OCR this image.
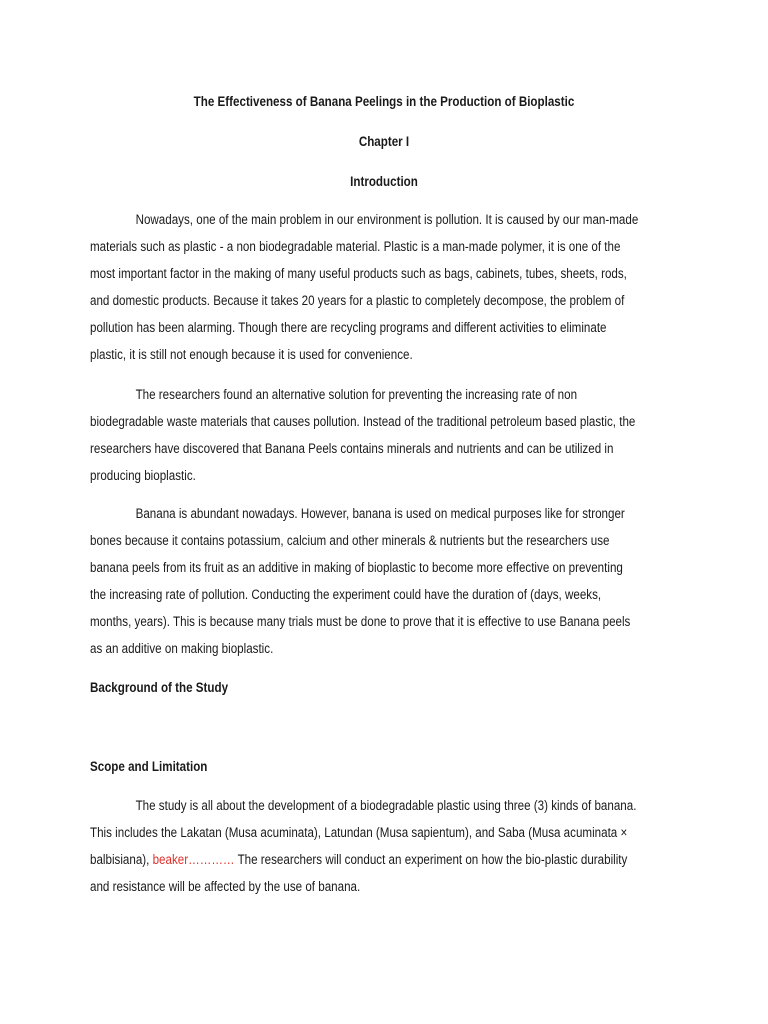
The Effectiveness of Banana Peelings in the Production of Bioplastic
Chapter I
Introduction
Nowadays, one of the main problem in our environment is pollution. It is caused by our man-made
materials such as plastic - a non biodegradable material. Plastic is a man-made polymer, it is one of the
most important factor in the making of many useful products such as bags, cabinets, tubes, sheets, rods,
and domestic products. Because it takes 20 years for a plastic to completely decompose, the problem of
pollution has been alarming. Though there are recycling programs and different activities to eliminate
plastic, it is still not enough because it is used for convenience.
The researchers found an alternative solution for preventing the increasing rate of non
biodegradable waste materials that causes pollution. Instead of the traditional petroleum based plastic, the
researchers have discovered that Banana Peels contains minerals and nutrients and can be utilized in
producing bioplastic.
Banana is abundant nowadays. However, banana is used on medical purposes like for stronger
bones because it contains potassium, calcium and other minerals & nutrients but the researchers use
banana peels from its fruit as an additive in making of bioplastic to become more effective on preventing
the increasing rate of pollution. Conducting the experiment could have the duration of (days, weeks,
months, years). This is because many trials must be done to prove that it is effective to use Banana peels
as an additive on making bioplastic.
Background of the Study
Scope and Limitation
The study is all about the development of a biodegradable plastic using three (3) kinds of banana.
This includes the Lakatan (Musa acuminata), Latundan (Musa sapientum), and Saba (Musa acuminata ×
balbisiana), beaker………… The researchers will conduct an experiment on how the bio-plastic durability
and resistance will be affected by the use of banana.
